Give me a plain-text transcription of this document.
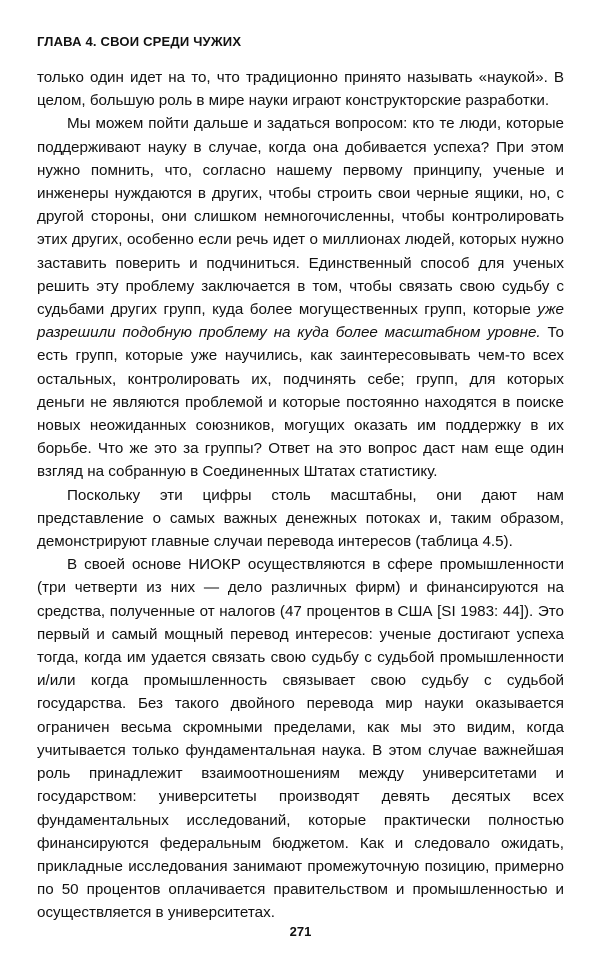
ГЛАВА 4. СВОИ СРЕДИ ЧУЖИХ

только один идет на то, что традиционно принято называть «наукой». В целом, большую роль в мире науки играют конструкторские разработки.

Мы можем пойти дальше и задаться вопросом: кто те люди, которые поддерживают науку в случае, когда она добивается успеха? При этом нужно помнить, что, согласно нашему первому принципу, ученые и инженеры нуждаются в других, чтобы строить свои черные ящики, но, с другой стороны, они слишком немногочисленны, чтобы контролировать этих других, особенно если речь идет о миллионах людей, которых нужно заставить поверить и подчиниться. Единственный способ для ученых решить эту проблему заключается в том, чтобы связать свою судьбу с судьбами других групп, куда более могущественных групп, которые уже разрешили подобную проблему на куда более масштабном уровне. То есть групп, которые уже научились, как заинтересовывать чем-то всех остальных, контролировать их, подчинять себе; групп, для которых деньги не являются проблемой и которые постоянно находятся в поиске новых неожиданных союзников, могущих оказать им поддержку в их борьбе. Что же это за группы? Ответ на это вопрос даст нам еще один взгляд на собранную в Соединенных Штатах статистику.

Поскольку эти цифры столь масштабны, они дают нам представление о самых важных денежных потоках и, таким образом, демонстрируют главные случаи перевода интересов (таблица 4.5).

В своей основе НИОКР осуществляются в сфере промышленности (три четверти из них — дело различных фирм) и финансируются на средства, полученные от налогов (47 процентов в США [SI 1983: 44]). Это первый и самый мощный перевод интересов: ученые достигают успеха тогда, когда им удается связать свою судьбу с судьбой промышленности и/или когда промышленность связывает свою судьбу с судьбой государства. Без такого двойного перевода мир науки оказывается ограничен весьма скромными пределами, как мы это видим, когда учитывается только фундаментальная наука. В этом случае важнейшая роль принадлежит взаимоотношениям между университетами и государством: университеты производят девять десятых всех фундаментальных исследований, которые практически полностью финансируются федеральным бюджетом. Как и следовало ожидать, прикладные исследования занимают промежуточную позицию, примерно по 50 процентов оплачивается правительством и промышленностью и осуществляется в университетах.

271
